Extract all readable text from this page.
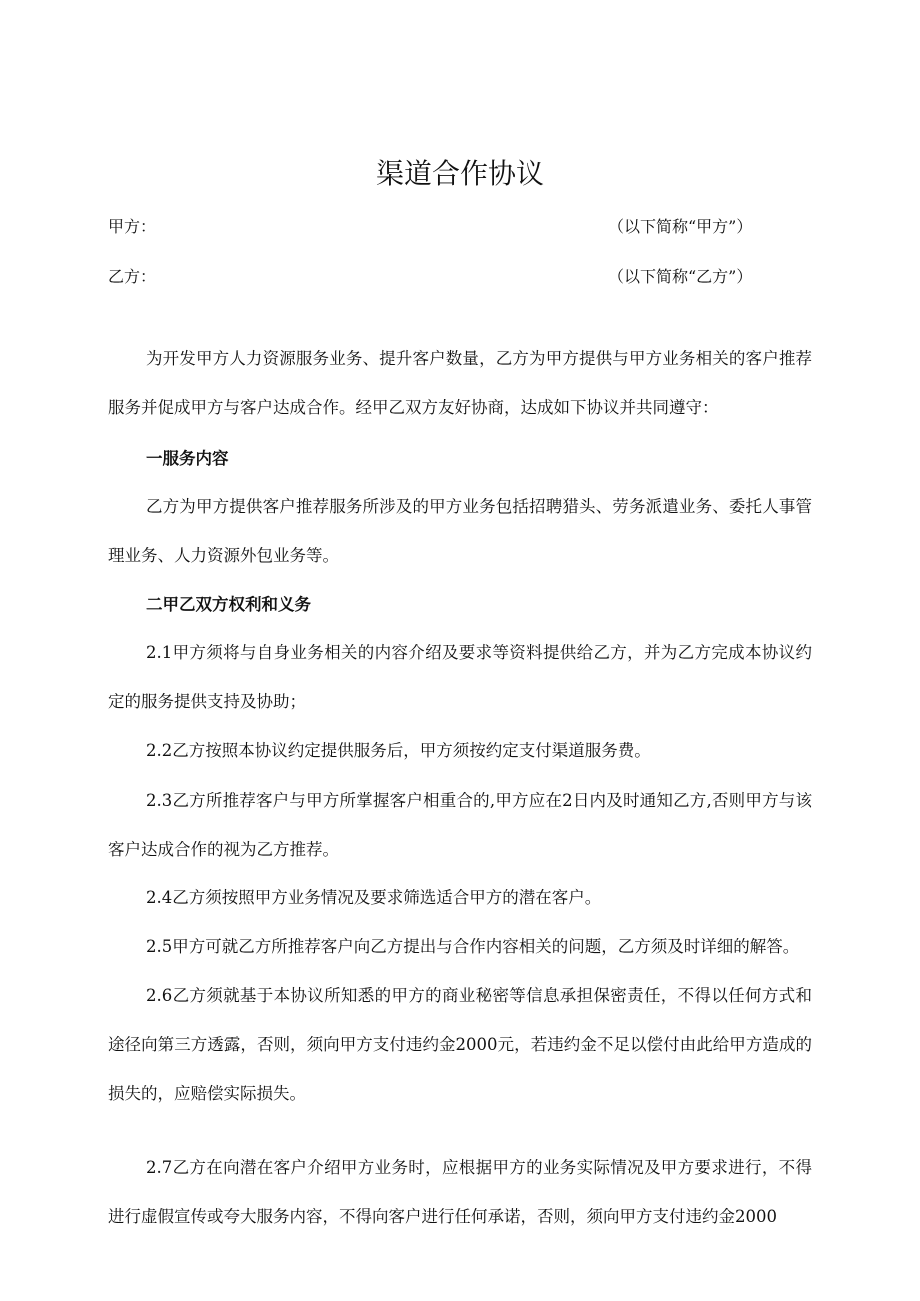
渠道合作协议
甲方：	（以下简称“甲方”）
乙方：	（以下简称“乙方”）

为开发甲方人力资源服务业务、提升客户数量，乙方为甲方提供与甲方业务相关的客户推荐服务并促成甲方与客户达成合作。经甲乙双方友好协商，达成如下协议并共同遵守：

一服务内容

乙方为甲方提供客户推荐服务所涉及的甲方业务包括招聘猎头、劳务派遣业务、委托人事管理业务、人力资源外包业务等。

二甲乙双方权利和义务

2.1甲方须将与自身业务相关的内容介绍及要求等资料提供给乙方，并为乙方完成本协议约定的服务提供支持及协助；

2.2乙方按照本协议约定提供服务后，甲方须按约定支付渠道服务费。

2.3乙方所推荐客户与甲方所掌握客户相重合的,甲方应在2日内及时通知乙方,否则甲方与该客户达成合作的视为乙方推荐。

2.4乙方须按照甲方业务情况及要求筛选适合甲方的潜在客户。

2.5甲方可就乙方所推荐客户向乙方提出与合作内容相关的问题，乙方须及时详细的解答。

2.6乙方须就基于本协议所知悉的甲方的商业秘密等信息承担保密责任，不得以任何方式和途径向第三方透露，否则，须向甲方支付违约金2000元，若违约金不足以偿付由此给甲方造成的损失的，应赔偿实际损失。

2.7乙方在向潜在客户介绍甲方业务时，应根据甲方的业务实际情况及甲方要求进行，不得进行虚假宣传或夸大服务内容，不得向客户进行任何承诺，否则，须向甲方支付违约金2000
